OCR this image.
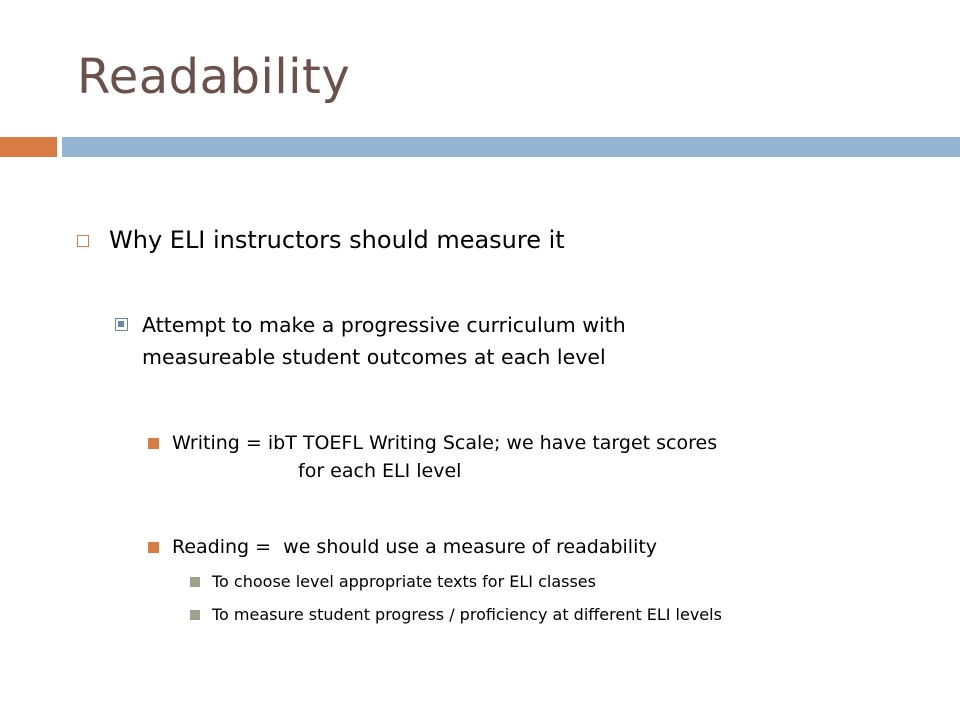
Readability
Why ELI instructors should measure it
Attempt to make a progressive curriculum with
measureable student outcomes at each level
Writing = ibT TOEFL Writing Scale; we have target scores
for each ELI level
Reading =  we should use a measure of readability
To choose level appropriate texts for ELI classes
To measure student progress / proficiency at different ELI levels
